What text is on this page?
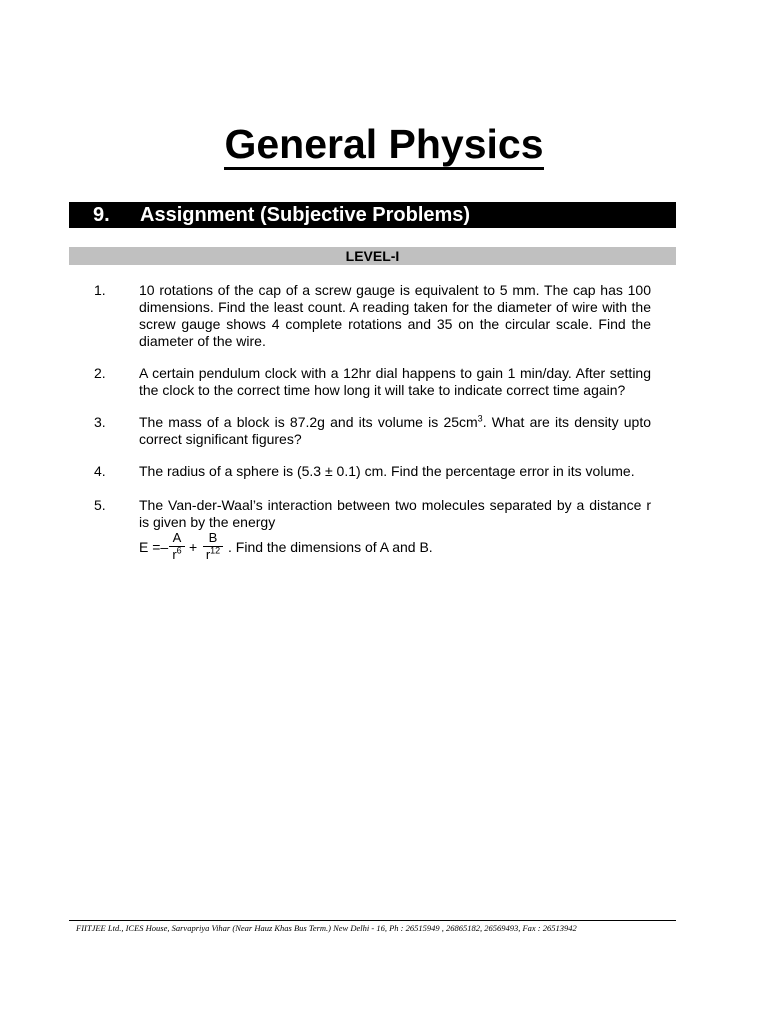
General Physics
9. Assignment (Subjective Problems)
LEVEL-I
1. 10 rotations of the cap of a screw gauge is equivalent to 5 mm. The cap has 100 dimensions. Find the least count. A reading taken for the diameter of wire with the screw gauge shows 4 complete rotations and 35 on the circular scale. Find the diameter of the wire.
2. A certain pendulum clock with a 12hr dial happens to gain 1 min/day. After setting the clock to the correct time how long it will take to indicate correct time again?
3. The mass of a block is 87.2g and its volume is $25cm^3$. What are its density upto correct significant figures?
4. The radius of a sphere is (5.3 ± 0.1) cm. Find the percentage error in its volume.
5. The Van-der-Waal’s interaction between two molecules separated by a distance r is given by the energy
E =–
A
$r^6$ +
B
$r^{12}$ . Find the dimensions of A and B.
FIITJEE Ltd., ICES House, Sarvapriya Vihar (Near Hauz Khas Bus Term.) New Delhi - 16, Ph : 26515949 , 26865182, 26569493, Fax : 26513942
